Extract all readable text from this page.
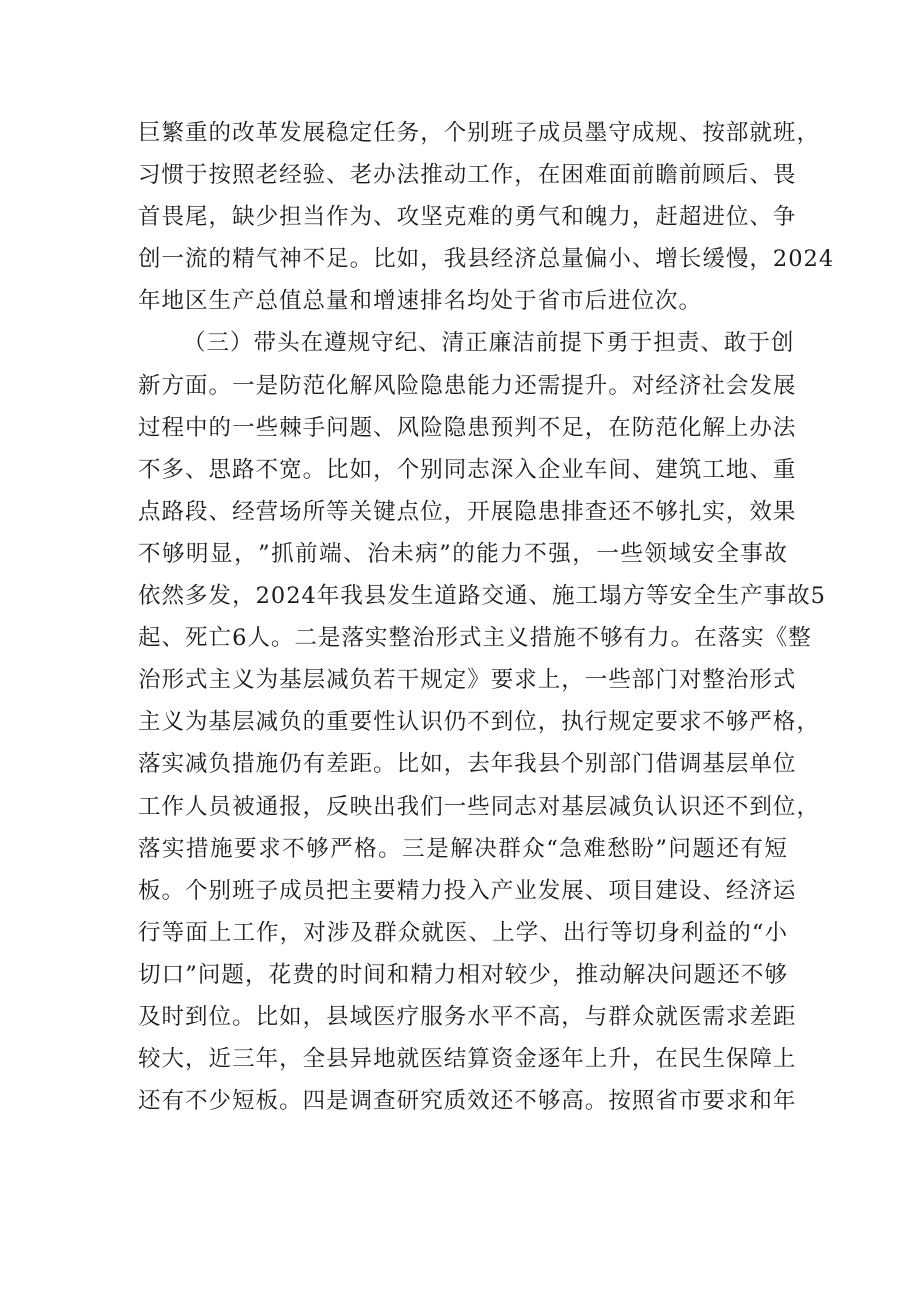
巨 繁 重 的 改 革 发 展 稳 定 任 务 ， 个 别 班 子 成 员 墨 守 成 规 、 按 部 就 班 ，
习 惯 于 按 照 老 经 验 、 老 办 法 推 动 工 作 ， 在 困 难 面 前 瞻 前 顾 后 、 畏
首 畏 尾 ， 缺 少 担 当 作 为 、 攻 坚 克 难 的 勇 气 和 魄 力 ， 赶 超 进 位 、 争
创 一 流 的 精 气 神 不 足 。 比 如 ， 我 县 经 济 总 量 偏 小 、 增 长 缓 慢 ， 2024
年地区生产总值总量和增速排名均处于省市后进位次。
（ 三 ） 带 头 在 遵 规 守 纪 、 清 正 廉 洁 前 提 下 勇 于 担 责 、 敢 于 创
新 方 面 。 一 是 防 范 化 解 风 险 隐 患 能 力 还 需 提 升 。 对 经 济 社 会 发 展
过 程 中 的 一 些 棘 手 问 题 、 风 险 隐 患 预 判 不 足 ， 在 防 范 化 解 上 办 法
不 多 、 思 路 不 宽 。 比 如 ， 个 别 同 志 深 入 企 业 车 间 、 建 筑 工 地 、 重
点 路 段 、 经 营 场 所 等 关 键 点 位 ， 开 展 隐 患 排 查 还 不 够 扎 实 ， 效 果
不 够 明 显 ， ” 抓 前 端 、 治 未 病 ” 的 能 力 不 强 ， 一 些 领 域 安 全 事 故
依 然 多 发 ， 2024 年 我 县 发 生 道 路 交 通 、 施 工 塌 方 等 安 全 生 产 事 故 5
起 、 死 亡 6 人 。 二 是 落 实 整 治 形 式 主 义 措 施 不 够 有 力 。 在 落 实 《 整
治 形 式 主 义 为 基 层 减 负 若 干 规 定 》 要 求 上 ， 一 些 部 门 对 整 治 形 式
主 义 为 基 层 减 负 的 重 要 性 认 识 仍 不 到 位 ， 执 行 规 定 要 求 不 够 严 格 ，
落 实 减 负 措 施 仍 有 差 距 。 比 如 ， 去 年 我 县 个 别 部 门 借 调 基 层 单 位
工 作 人 员 被 通 报 ， 反 映 出 我 们 一 些 同 志 对 基 层 减 负 认 识 还 不 到 位 ，
落 实 措 施 要 求 不 够 严 格 。 三 是 解 决 群 众 “ 急 难 愁 盼 ” 问 题 还 有 短
板 。 个 别 班 子 成 员 把 主 要 精 力 投 入 产 业 发 展 、 项 目 建 设 、 经 济 运
行 等 面 上 工 作 ， 对 涉 及 群 众 就 医 、 上 学 、 出 行 等 切 身 利 益 的 “ 小
切 口 ” 问 题 ， 花 费 的 时 间 和 精 力 相 对 较 少 ， 推 动 解 决 问 题 还 不 够
及 时 到 位 。 比 如 ， 县 域 医 疗 服 务 水 平 不 高 ， 与 群 众 就 医 需 求 差 距
较 大 ， 近 三 年 ， 全 县 异 地 就 医 结 算 资 金 逐 年 上 升 ， 在 民 生 保 障 上
还 有 不 少 短 板 。 四 是 调 查 研 究 质 效 还 不 够 高 。 按 照 省 市 要 求 和 年
